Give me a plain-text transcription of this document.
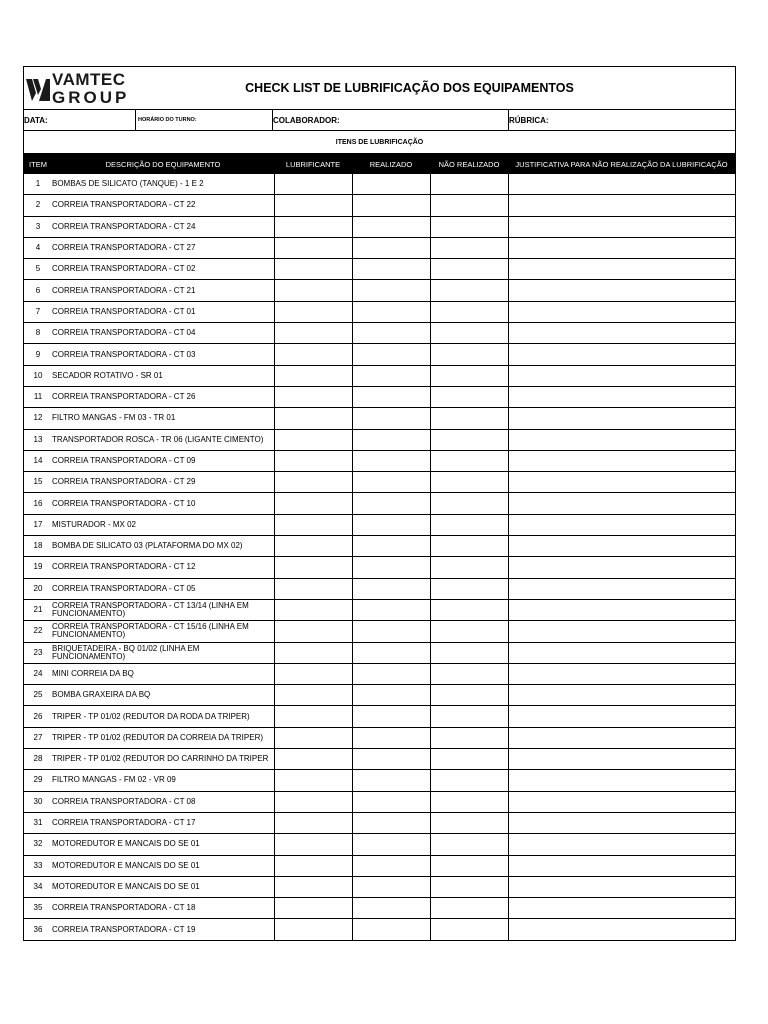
VAMTEC
GROUP	CHECK LIST DE LUBRIFICAÇÃO DOS EQUIPAMENTOS
DATA:	HORÁRIO DO TURNO:	COLABORADOR:	RÚBRICA:
ITENS DE LUBRIFICAÇÃO
ITEM	DESCRIÇÃO DO EQUIPAMENTO	LUBRIFICANTE	REALIZADO	NÃO REALIZADO	JUSTIFICATIVA PARA NÃO REALIZAÇÃO DA LUBRIFICAÇÃO
1	BOMBAS DE SILICATO (TANQUE) - 1 E 2				
2	CORREIA TRANSPORTADORA - CT 22				
3	CORREIA TRANSPORTADORA - CT 24				
4	CORREIA TRANSPORTADORA - CT 27				
5	CORREIA TRANSPORTADORA - CT 02				
6	CORREIA TRANSPORTADORA - CT 21				
7	CORREIA TRANSPORTADORA - CT 01				
8	CORREIA TRANSPORTADORA - CT 04				
9	CORREIA TRANSPORTADORA - CT 03				
10	SECADOR ROTATIVO - SR 01				
11	CORREIA TRANSPORTADORA - CT 26				
12	FILTRO MANGAS - FM 03 - TR 01				
13	TRANSPORTADOR ROSCA - TR 06 (LIGANTE CIMENTO)				
14	CORREIA TRANSPORTADORA - CT 09				
15	CORREIA TRANSPORTADORA - CT 29				
16	CORREIA TRANSPORTADORA - CT 10				
17	MISTURADOR - MX 02				
18	BOMBA DE SILICATO 03 (PLATAFORMA DO MX 02)				
19	CORREIA TRANSPORTADORA - CT 12				
20	CORREIA TRANSPORTADORA - CT 05				
21	CORREIA TRANSPORTADORA - CT 13/14 (LINHA EM FUNCIONAMENTO)				
22	CORREIA TRANSPORTADORA - CT 15/16 (LINHA EM FUNCIONAMENTO)				
23	BRIQUETADEIRA - BQ 01/02 (LINHA EM FUNCIONAMENTO)				
24	MINI CORREIA DA BQ				
25	BOMBA GRAXEIRA DA BQ				
26	TRIPER - TP 01/02 (REDUTOR DA RODA DA TRIPER)				
27	TRIPER - TP 01/02 (REDUTOR DA CORREIA DA TRIPER)				
28	TRIPER - TP 01/02 (REDUTOR DO CARRINHO DA TRIPER				
29	FILTRO MANGAS - FM 02 - VR 09				
30	CORREIA TRANSPORTADORA - CT 08				
31	CORREIA TRANSPORTADORA - CT 17				
32	MOTOREDUTOR E MANCAIS DO SE 01				
33	MOTOREDUTOR E MANCAIS DO SE 01				
34	MOTOREDUTOR E MANCAIS DO SE 01				
35	CORREIA TRANSPORTADORA - CT 18				
36	CORREIA TRANSPORTADORA - CT 19				
